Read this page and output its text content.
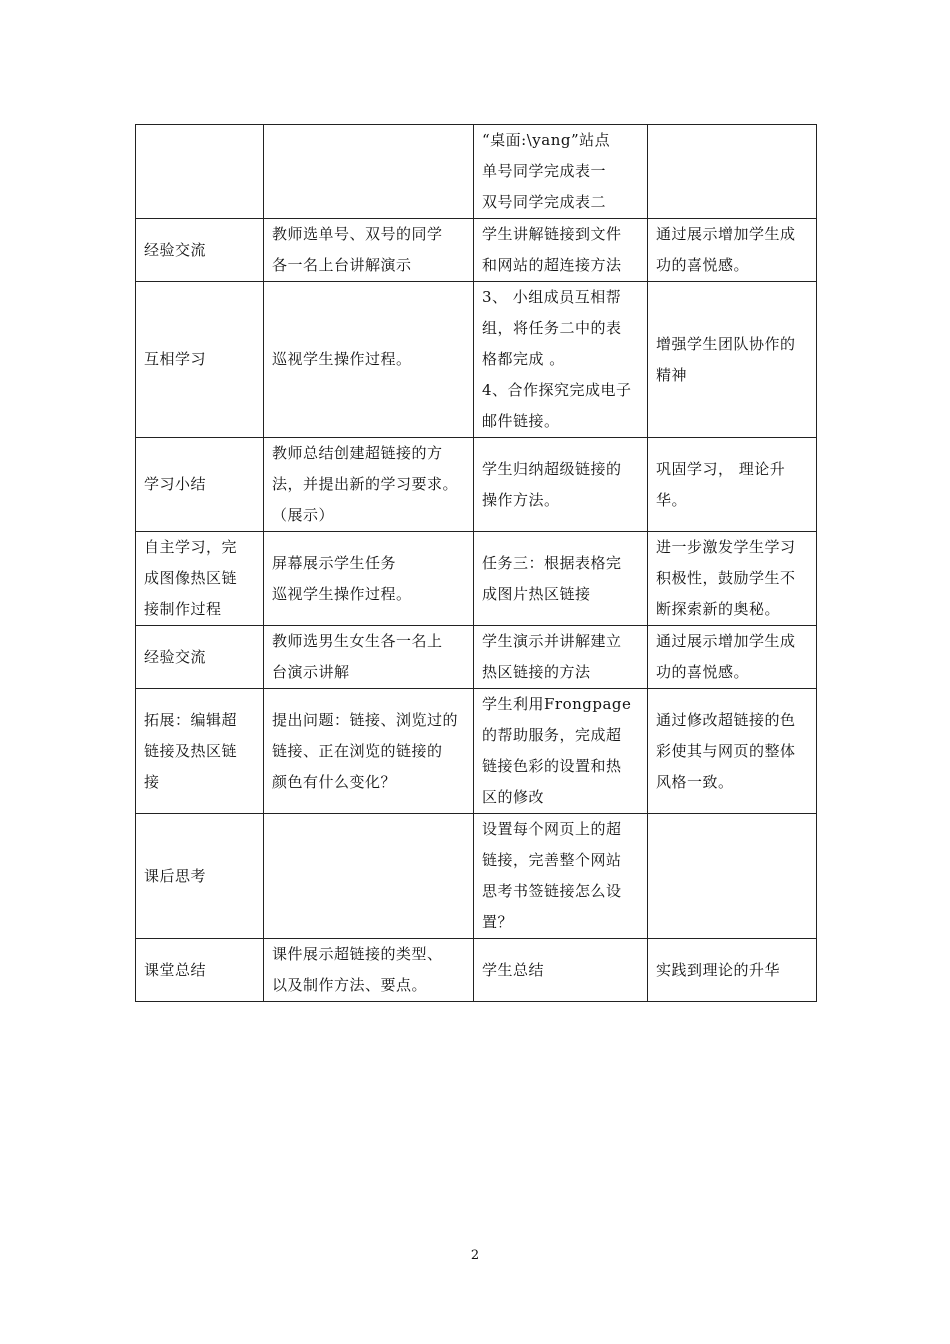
		“桌面:\yang”站点
单号同学完成表一
双号同学完成表二	

经验交流	教师选单号、双号的同学
各一名上台讲解演示	学生讲解链接到文件
和网站的超连接方法	通过展示增加学生成
功的喜悦感。

互相学习	巡视学生操作过程。	3、 小组成员互相帮
组，将任务二中的表
格都完成 。
4、合作探究完成电子
邮件链接。	增强学生团队协作的
精神

学习小结	教师总结创建超链接的方
法，并提出新的学习要求。
（展示）	学生归纳超级链接的
操作方法。	巩固学习， 理论升
华。

自主学习，完
成图像热区链
接制作过程	屏幕展示学生任务
巡视学生操作过程。	任务三：根据表格完
成图片热区链接	进一步激发学生学习
积极性，鼓励学生不
断探索新的奥秘。

经验交流	教师选男生女生各一名上
台演示讲解	学生演示并讲解建立
热区链接的方法	通过展示增加学生成
功的喜悦感。

拓展：编辑超
链接及热区链
接	提出问题：链接、浏览过的
链接、正在浏览的链接的
颜色有什么变化？	学生利用Frongpage
的帮助服务，完成超
链接色彩的设置和热
区的修改	通过修改超链接的色
彩使其与网页的整体
风格一致。

课后思考		设置每个网页上的超
链接，完善整个网站
思考书签链接怎么设
置？	

课堂总结	课件展示超链接的类型、
以及制作方法、要点。	学生总结	实践到理论的升华
2
